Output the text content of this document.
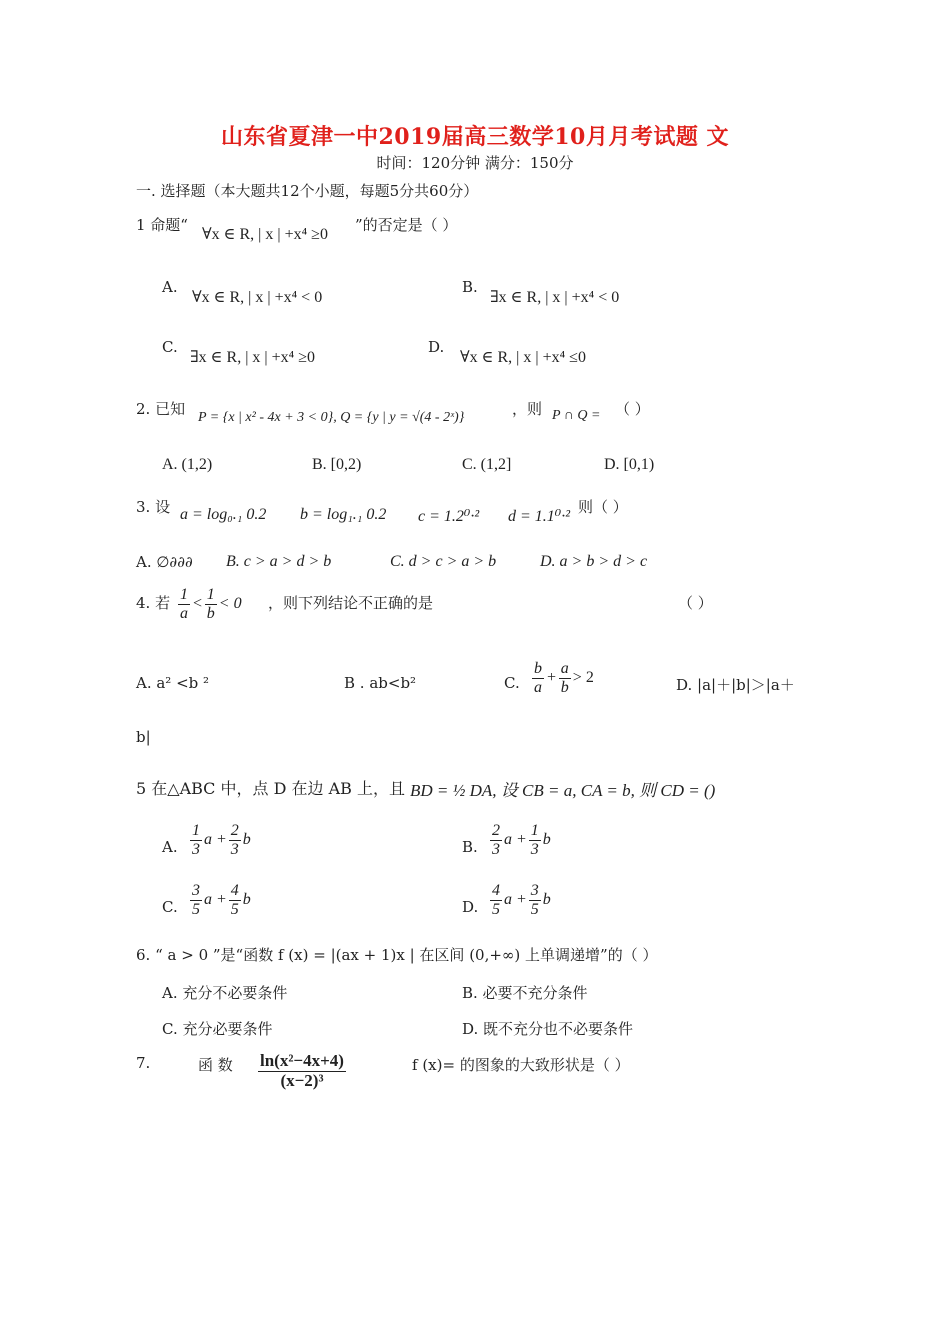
山东省夏津一中2019届高三数学10月月考试题 文
时间：120分钟 满分：150分
一. 选择题（本大题共12个小题，每题5分共60分）
1 命题“
∀x ∈ R, | x | +x⁴ ≥0
”的否定是（ ）
A.
∀x ∈ R, | x | +x⁴ < 0
B.
∃x ∈ R, | x | +x⁴ < 0
C.
∃x ∈ R, | x | +x⁴ ≥0
D.
∀x ∈ R, | x | +x⁴ ≤0
2. 已知 P = {x | x² - 4x + 3 < 0}, Q = {y | y = √(4 - 2ˣ)}	，则 P ∩ Q = （ ）
A. (1,2)	B. [0,2)	C. (1,2]	D. [0,1)
3. 设 a = log₀.₁ 0.2 b = log₁.₁ 0.2 c = 1.2⁰·² d = 1.1⁰·²
则（ ）
A. ∅∂∂∂ B. c > a > d > b	C. d > c > a > b	D. a > b > d > c
4. 若 $\frac{1}{a} < \frac{1}{b} < 0$ ，则下列结论不正确的是	（ ）
A. a² <b ²	B . ab<b²	C. $\frac{b}{a} + \frac{a}{b} > 2$	D. |a|＋|b|＞|a＋
b|
5 在△ABC 中，点 D 在边 AB 上，且 BD = ½ DA, 设 CB = a, CA = b, 则 CD = ()
A. $\frac{1}{3}$ $a + \frac{2}{3}$ b	B. $\frac{2}{3}$ $a + \frac{1}{3}$ b
C. $\frac{3}{5}$ $a + \frac{4}{5}$ b	D. $\frac{4}{5}$ $a + \frac{3}{5}$ b
6. “ a > 0 ”是“函数 f (x) = |(ax + 1)x | 在区间 (0,+∞) 上单调递增”的（ ）
A. 充分不必要条件	B. 必要不充分条件
C. 充分必要条件	D. 既不充分也不必要条件
7.	函 数 $\frac{\text{ln(x²−4x+4)}}{\text{(x−2)³}}$	f (x)= 的图象的大致形状是（ ）
